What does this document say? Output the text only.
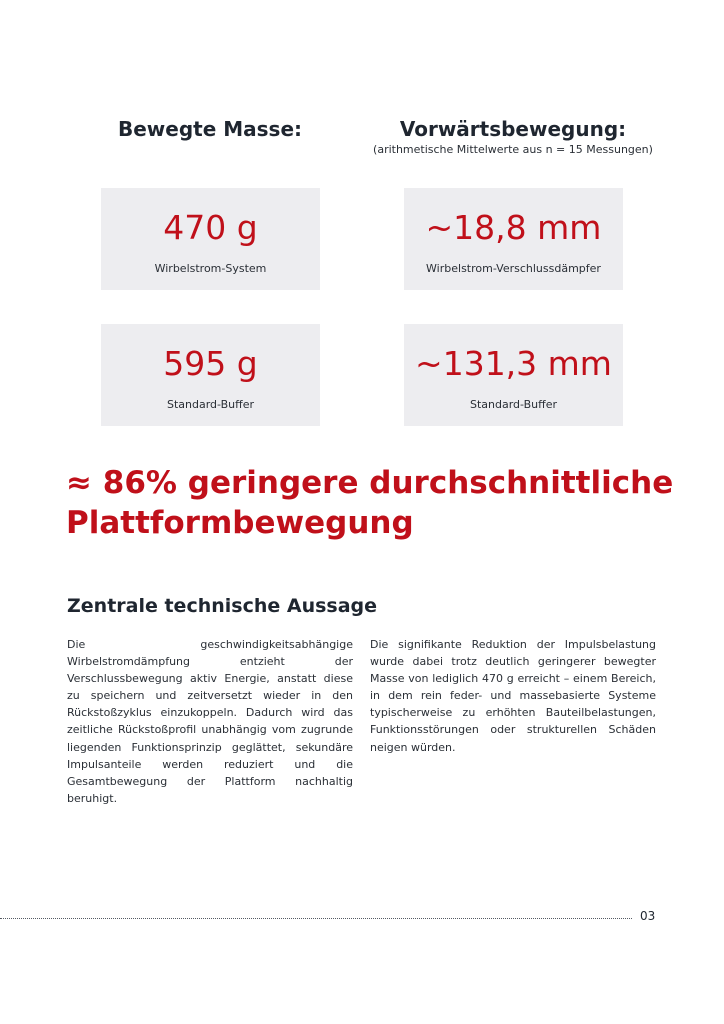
Bewegte Masse:	Vorwärtsbewegung:
(arithmetische Mittelwerte aus n = 15 Messungen)
470 g
Wirbelstrom-System
~18,8 mm
Wirbelstrom-Verschlussdämpfer
595 g
Standard-Buffer
~131,3 mm
Standard-Buffer
≈ 86% geringere durchschnittliche Plattformbewegung
Zentrale technische Aussage
Die geschwindigkeitsabhängige Wirbelstromdämpfung entzieht der Verschlussbewegung aktiv Energie, anstatt diese zu speichern und zeitversetzt wieder in den Rückstoßzyklus einzukoppeln. Dadurch wird das zeitliche Rückstoßprofil unabhängig vom zugrunde liegenden Funktionsprinzip geglättet, sekundäre Impulsanteile werden reduziert und die Gesamtbewegung der Plattform nachhaltig beruhigt.
Die signifikante Reduktion der Impulsbelastung wurde dabei trotz deutlich geringerer bewegter Masse von lediglich 470 g erreicht – einem Bereich, in dem rein feder- und massebasierte Systeme typischerweise zu erhöhten Bauteilbelastungen, Funktionsstörungen oder strukturellen Schäden neigen würden.
03
